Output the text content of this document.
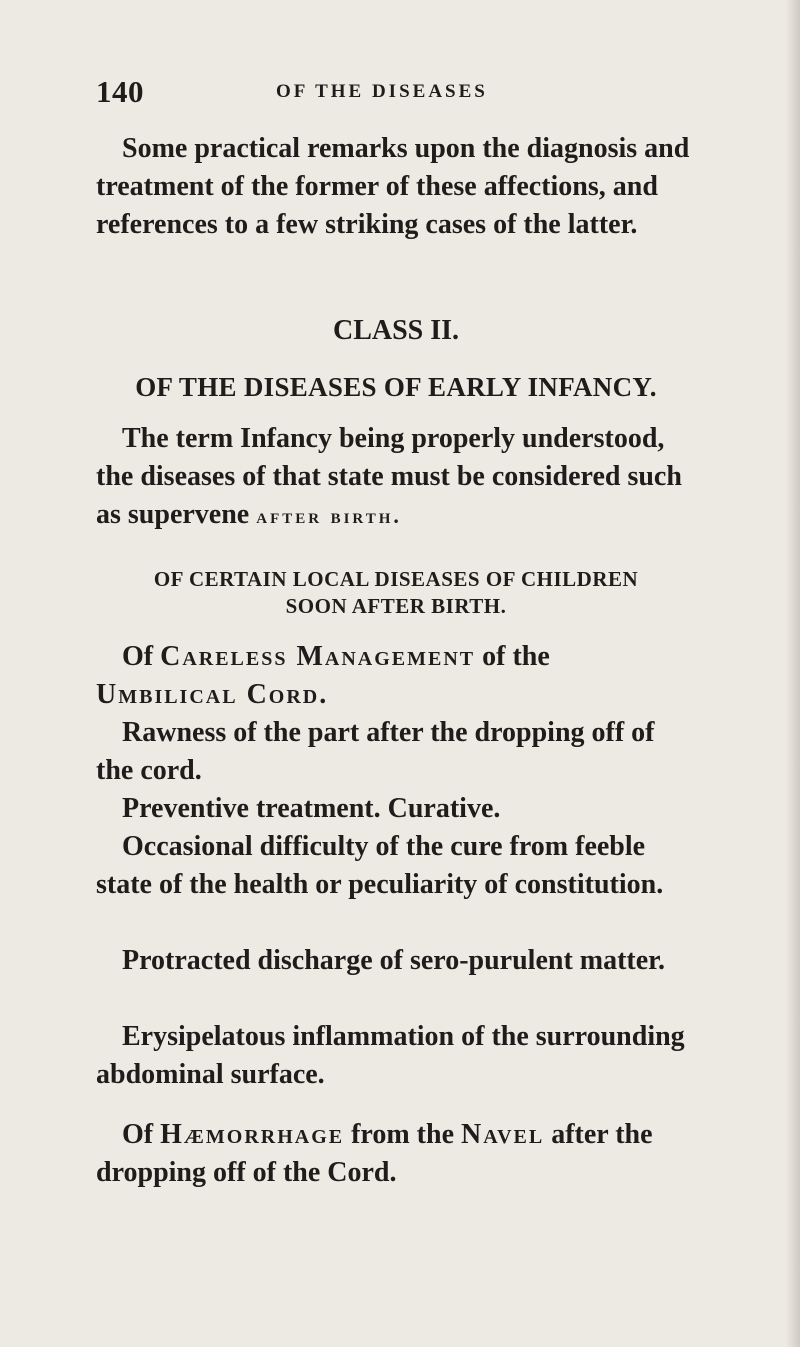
140	OF THE DISEASES
Some practical remarks upon the diagnosis and treatment of the former of these affections, and references to a few striking cases of the latter.
CLASS II.
OF THE DISEASES OF EARLY INFANCY.
The term Infancy being properly understood, the diseases of that state must be considered such as supervene after birth.
OF CERTAIN LOCAL DISEASES OF CHILDREN
SOON AFTER BIRTH.
Of Careless Management of the Umbilical Cord.
Rawness of the part after the dropping off of the cord.
Preventive treatment. Curative.
Occasional difficulty of the cure from feeble state of the health or peculiarity of constitution.
Protracted discharge of sero-purulent matter.
Erysipelatous inflammation of the surrounding abdominal surface.
Of Hæmorrhage from the Navel after the dropping off of the Cord.
